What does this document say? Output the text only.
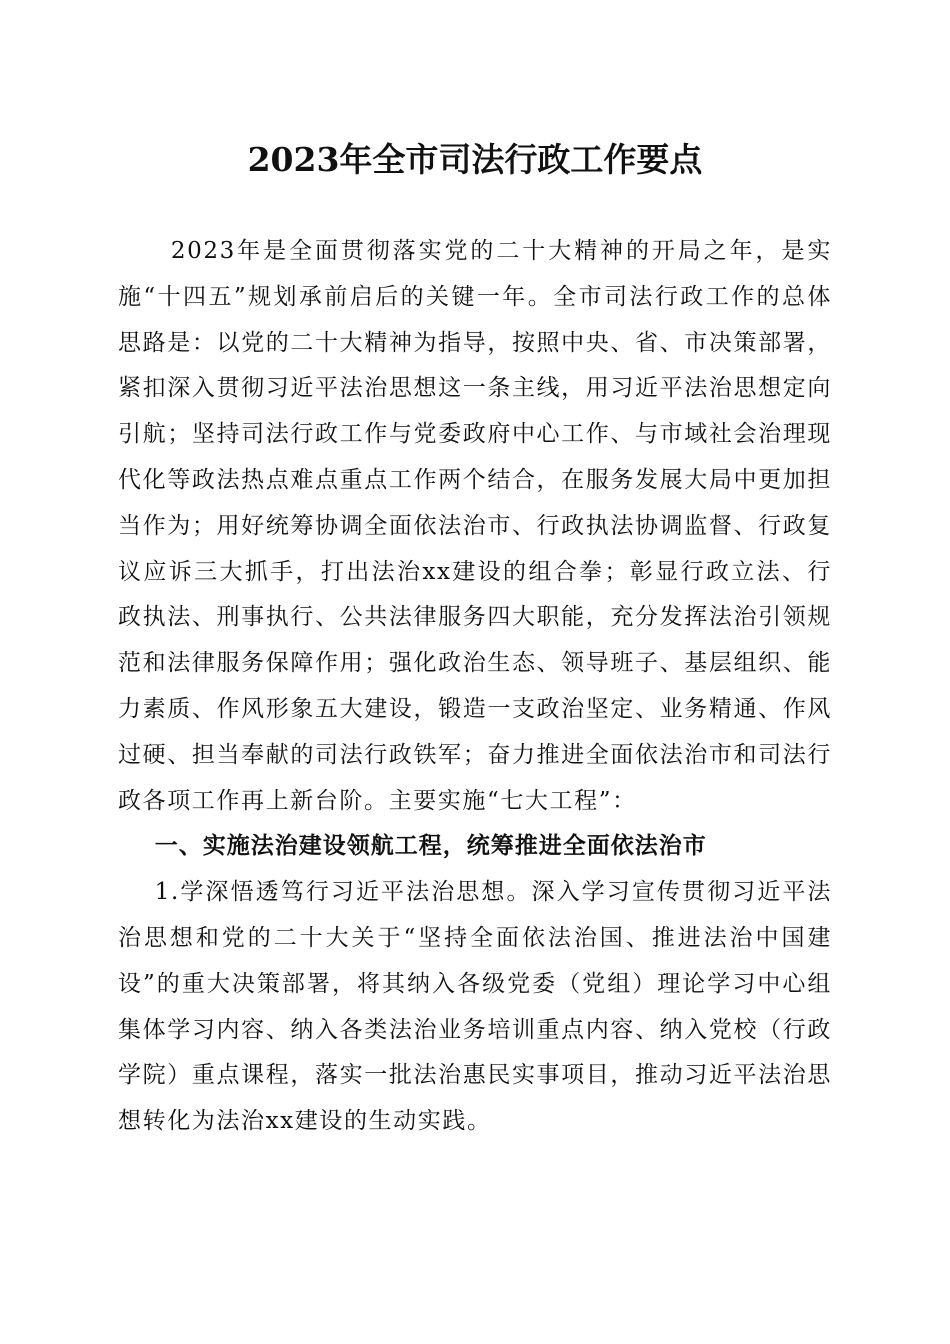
2023年全市司法行政工作要点

2023年是全面贯彻落实党的二十大精神的开局之年，是实施“十四五”规划承前启后的关键一年。全市司法行政工作的总体思路是：以党的二十大精神为指导，按照中央、省、市决策部署，紧扣深入贯彻习近平法治思想这一条主线，用习近平法治思想定向引航；坚持司法行政工作与党委政府中心工作、与市域社会治理现代化等政法热点难点重点工作两个结合，在服务发展大局中更加担当作为；用好统筹协调全面依法治市、行政执法协调监督、行政复议应诉三大抓手，打出法治xx建设的组合拳；彰显行政立法、行政执法、刑事执行、公共法律服务四大职能，充分发挥法治引领规范和法律服务保障作用；强化政治生态、领导班子、基层组织、能力素质、作风形象五大建设，锻造一支政治坚定、业务精通、作风过硬、担当奉献的司法行政铁军；奋力推进全面依法治市和司法行政各项工作再上新台阶。主要实施“七大工程”：

一、实施法治建设领航工程，统筹推进全面依法治市

1.学深悟透笃行习近平法治思想。深入学习宣传贯彻习近平法治思想和党的二十大关于“坚持全面依法治国、推进法治中国建设”的重大决策部署，将其纳入各级党委（党组）理论学习中心组集体学习内容、纳入各类法治业务培训重点内容、纳入党校（行政学院）重点课程，落实一批法治惠民实事项目，推动习近平法治思想转化为法治xx建设的生动实践。
